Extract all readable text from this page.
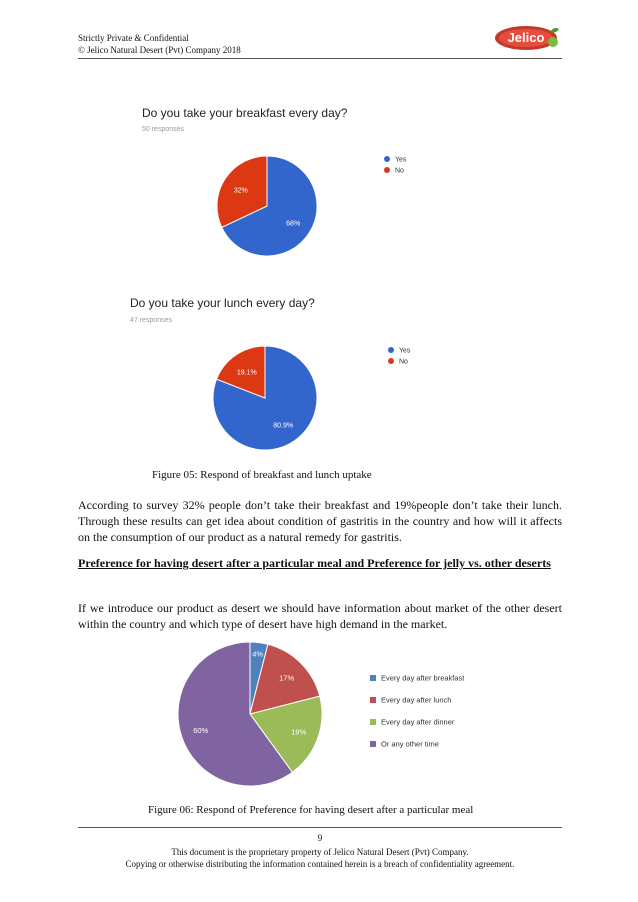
Strictly Private & Confidential
© Jelico Natural Desert (Pvt) Company 2018
Jelico
Do you take your breakfast every day?
50 responses
68%
32%
Yes
No
Do you take your lunch every day?
47 responses
80.9%
19.1%
Yes
No
Figure 05: Respond of breakfast and lunch uptake
According to survey 32% people don’t take their breakfast and 19%people don’t take their lunch. Through these results can get idea about condition of gastritis in the country and how will it affects on the consumption of our product as a natural remedy for gastritis.
Preference for having desert after a particular meal and Preference for jelly vs. other deserts
If we introduce our product as desert we should have information about market of the other desert within the country and which type of desert have high demand in the market.
4%
17%
19%
60%
Every day after breakfast
Every day after lunch
Every day after dinner
Or any other time
Figure 06: Respond of Preference for having desert after a particular meal
9
This document is the proprietary property of Jelico Natural Desert (Pvt) Company.
Copying or otherwise distributing the information contained herein is a breach of confidentiality agreement.
